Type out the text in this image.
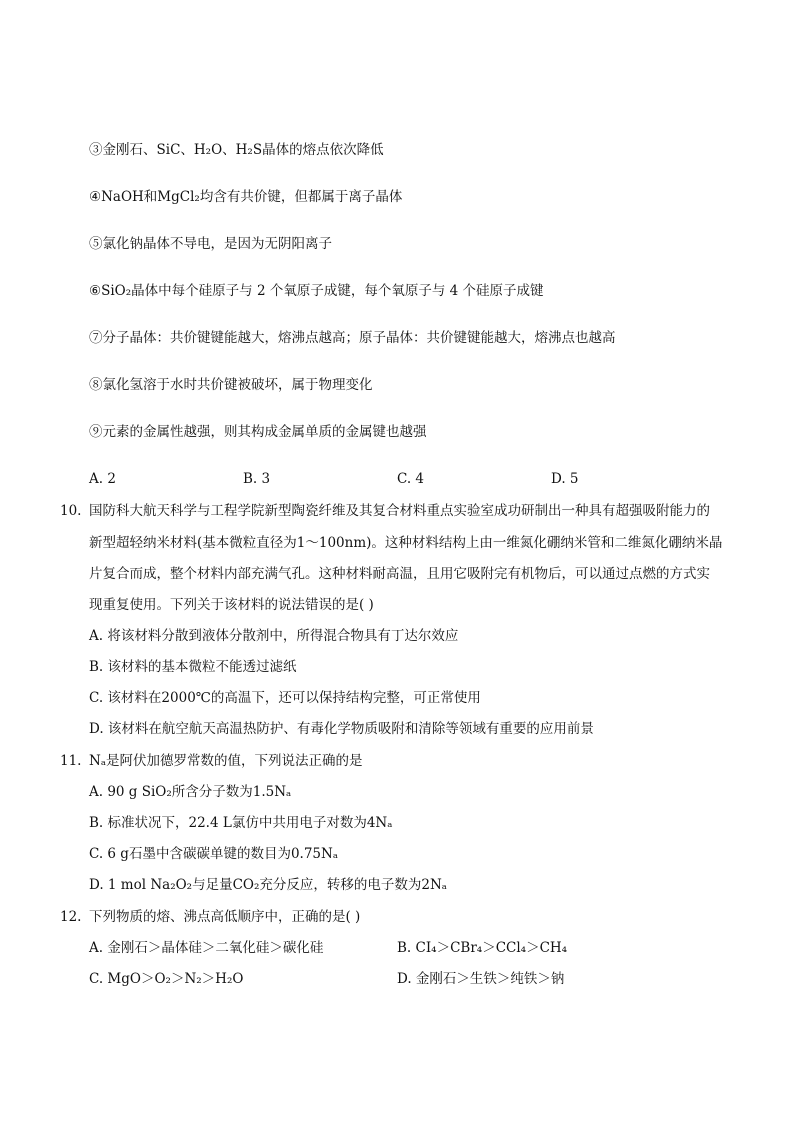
③金刚石、SiC、H₂O、H₂S晶体的熔点依次降低
④NaOH和MgCl₂均含有共价键，但都属于离子晶体
⑤氯化钠晶体不导电，是因为无阴阳离子
⑥SiO₂晶体中每个硅原子与 2 个氧原子成键，每个氧原子与 4 个硅原子成键
⑦分子晶体：共价键键能越大，熔沸点越高；原子晶体：共价键键能越大，熔沸点也越高
⑧氯化氢溶于水时共价键被破坏，属于物理变化
⑨元素的金属性越强，则其构成金属单质的金属键也越强
A. 2	B. 3	C. 4	D. 5
10. 国防科大航天科学与工程学院新型陶瓷纤维及其复合材料重点实验室成功研制出一种具有超强吸附能力的
新型超轻纳米材料(基本微粒直径为1～100nm)。这种材料结构上由一维氮化硼纳米管和二维氮化硼纳米晶
片复合而成，整个材料内部充满气孔。这种材料耐高温，且用它吸附完有机物后，可以通过点燃的方式实
现重复使用。下列关于该材料的说法错误的是( )
A. 将该材料分散到液体分散剂中，所得混合物具有丁达尔效应
B. 该材料的基本微粒不能透过滤纸
C. 该材料在2000℃的高温下，还可以保持结构完整，可正常使用
D. 该材料在航空航天高温热防护、有毒化学物质吸附和清除等领域有重要的应用前景
11. Nₐ是阿伏加德罗常数的值，下列说法正确的是
A. 90 g SiO₂所含分子数为1.5Nₐ
B. 标准状况下，22.4 L氯仿中共用电子对数为4Nₐ
C. 6 g石墨中含碳碳单键的数目为0.75Nₐ
D. 1 mol Na₂O₂与足量CO₂充分反应，转移的电子数为2Nₐ
12. 下列物质的熔、沸点高低顺序中，正确的是( )
A. 金刚石＞晶体硅＞二氧化硅＞碳化硅	B. CI₄＞CBr₄＞CCl₄＞CH₄
C. MgO＞O₂＞N₂＞H₂O	D. 金刚石＞生铁＞纯铁＞钠
